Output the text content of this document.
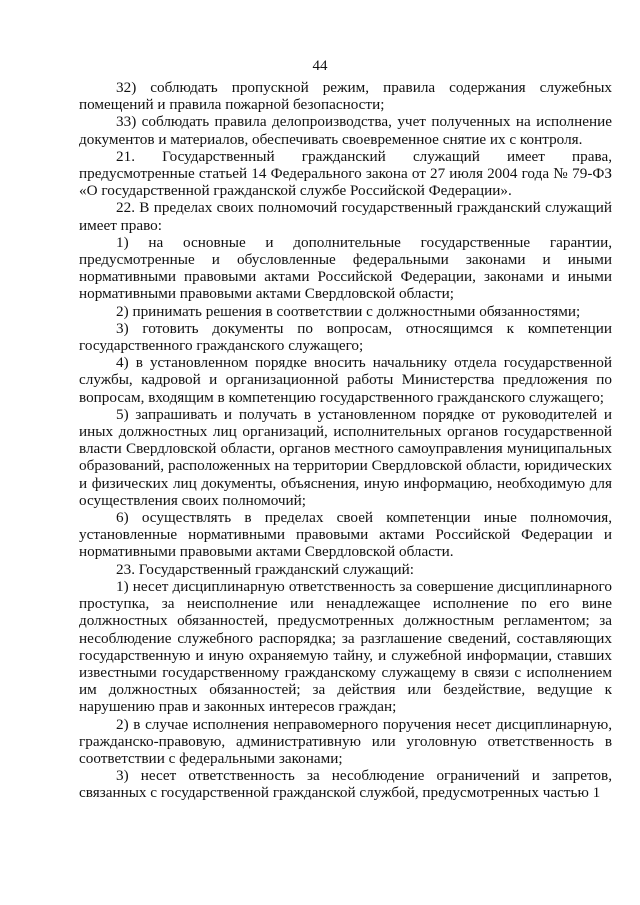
44

32) соблюдать пропускной режим, правила содержания служебных помещений и правила пожарной безопасности;

33) соблюдать правила делопроизводства, учет полученных на исполнение документов и материалов, обеспечивать своевременное снятие их с контроля.

21. Государственный гражданский служащий имеет права, предусмотренные статьей 14 Федерального закона от 27 июля 2004 года № 79-ФЗ «О государственной гражданской службе Российской Федерации».

22. В пределах своих полномочий государственный гражданский служащий имеет право:

1) на основные и дополнительные государственные гарантии, предусмотренные и обусловленные федеральными законами и иными нормативными правовыми актами Российской Федерации, законами и иными нормативными правовыми актами Свердловской области;

2) принимать решения в соответствии с должностными обязанностями;

3) готовить документы по вопросам, относящимся к компетенции государственного гражданского служащего;

4) в установленном порядке вносить начальнику отдела государственной службы, кадровой и организационной работы Министерства предложения по вопросам, входящим в компетенцию государственного гражданского служащего;

5) запрашивать и получать в установленном порядке от руководителей и иных должностных лиц организаций, исполнительных органов государственной власти Свердловской области, органов местного самоуправления муниципальных образований, расположенных на территории Свердловской области, юридических и физических лиц документы, объяснения, иную информацию, необходимую для осуществления своих полномочий;

6) осуществлять в пределах своей компетенции иные полномочия, установленные нормативными правовыми актами Российской Федерации и нормативными правовыми актами Свердловской области.

23. Государственный гражданский служащий:

1) несет дисциплинарную ответственность за совершение дисциплинарного проступка, за неисполнение или ненадлежащее исполнение по его вине должностных обязанностей, предусмотренных должностным регламентом; за несоблюдение служебного распорядка; за разглашение сведений, составляющих государственную и иную охраняемую тайну, и служебной информации, ставших известными государственному гражданскому служащему в связи с исполнением им должностных обязанностей; за действия или бездействие, ведущие к нарушению прав и законных интересов граждан;

2) в случае исполнения неправомерного поручения несет дисциплинарную, гражданско-правовую, административную или уголовную ответственность в соответствии с федеральными законами;

3) несет ответственность за несоблюдение ограничений и запретов, связанных с государственной гражданской службой, предусмотренных частью 1
